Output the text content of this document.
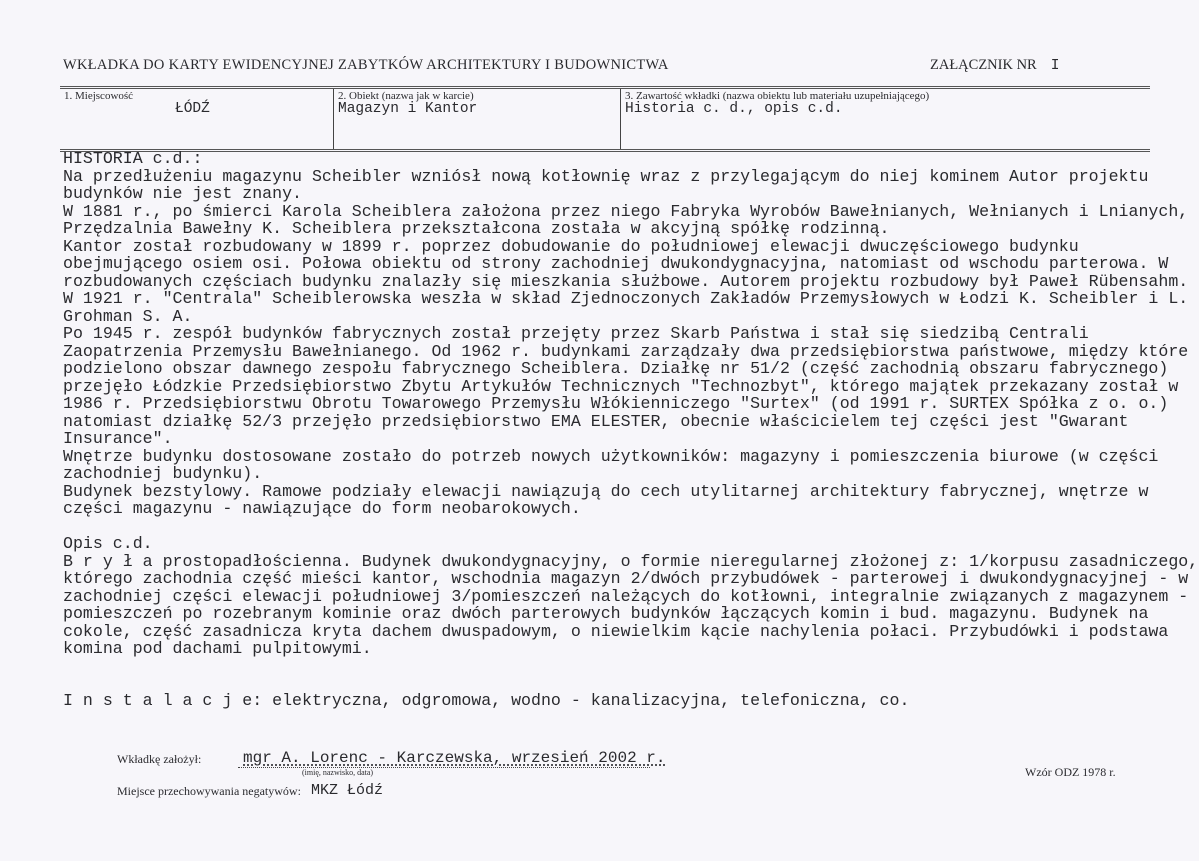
WKŁADKA DO KARTY EWIDENCYJNEJ ZABYTKÓW ARCHITEKTURY I BUDOWNICTWA	ZAŁĄCZNIK NR I
1. Miejscowość
ŁÓDŹ
2. Obiekt (nazwa jak w karcie)
Magazyn i Kantor
3. Zawartość wkładki (nazwa obiektu lub materiału uzupełniającego)
Historia c. d., opis c.d.
HISTORIA c.d.:
Na przedłużeniu magazynu Scheibler wzniósł nową kotłownię wraz z przylegającym do niej kominem Autor projektu
budynków nie jest znany.
W 1881 r., po śmierci Karola Scheiblera założona przez niego Fabryka Wyrobów Bawełnianych, Wełnianych i Lnianych,
Przędzalnia Bawełny K. Scheiblera przekształcona została w akcyjną spółkę rodzinną.
Kantor został rozbudowany w 1899 r. poprzez dobudowanie do południowej elewacji dwuczęściowego budynku
obejmującego osiem osi. Połowa obiektu od strony zachodniej dwukondygnacyjna, natomiast od wschodu parterowa. W
rozbudowanych częściach budynku znalazły się mieszkania służbowe. Autorem projektu rozbudowy był Paweł Rübensahm.
W 1921 r. "Centrala" Scheiblerowska weszła w skład Zjednoczonych Zakładów Przemysłowych w Łodzi K. Scheibler i L.
Grohman S. A.
Po 1945 r. zespół budynków fabrycznych został przejęty przez Skarb Państwa i stał się siedzibą Centrali
Zaopatrzenia Przemysłu Bawełnianego. Od 1962 r. budynkami zarządzały dwa przedsiębiorstwa państwowe, między które
podzielono obszar dawnego zespołu fabrycznego Scheiblera. Działkę nr 51/2 (część zachodnią obszaru fabrycznego)
przejęło Łódzkie Przedsiębiorstwo Zbytu Artykułów Technicznych "Technozbyt", którego majątek przekazany został w
1986 r. Przedsiębiorstwu Obrotu Towarowego Przemysłu Włókienniczego "Surtex" (od 1991 r. SURTEX Spółka z o. o.)
natomiast działkę 52/3 przejęło przedsiębiorstwo EMA ELESTER, obecnie właścicielem tej części jest "Gwarant
Insurance".
Wnętrze budynku dostosowane zostało do potrzeb nowych użytkowników: magazyny i pomieszczenia biurowe (w części
zachodniej budynku).
Budynek bezstylowy. Ramowe podziały elewacji nawiązują do cech utylitarnej architektury fabrycznej, wnętrze w
części magazynu - nawiązujące do form neobarokowych.

Opis c.d.
B r y ł a prostopadłościenna. Budynek dwukondygnacyjny, o formie nieregularnej złożonej z: 1/korpusu zasadniczego,
którego zachodnia część mieści kantor, wschodnia magazyn 2/dwóch przybudówek - parterowej i dwukondygnacyjnej - w
zachodniej części elewacji południowej 3/pomieszczeń należących do kotłowni, integralnie związanych z magazynem -
pomieszczeń po rozebranym kominie oraz dwóch parterowych budynków łączących komin i bud. magazynu. Budynek na
cokole, część zasadnicza kryta dachem dwuspadowym, o niewielkim kącie nachylenia połaci. Przybudówki i podstawa
komina pod dachami pulpitowymi.
I n s t a l a c j e: elektryczna, odgromowa, wodno - kanalizacyjna, telefoniczna, co.
Wkładkę założył:	mgr A. Lorenc - Karczewska, wrzesień 2002 r.
(imię, nazwisko, data)	Wzór ODZ 1978 r.
Miejsce przechowywania negatywów: MKZ Łódź
